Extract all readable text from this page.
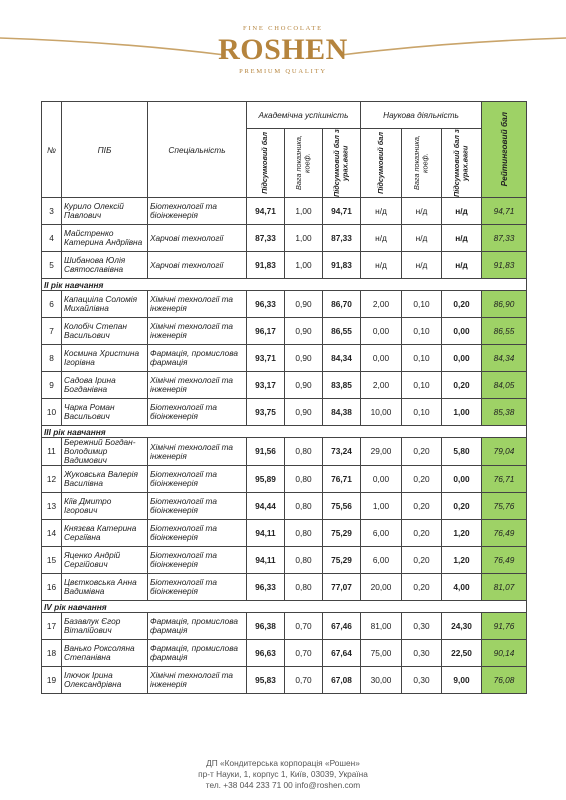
FINE CHOCOLATE
ROSHEN
PREMIUM QUALITY
№	ПІБ	Спеціальність	Академічна успішність			Наукова діяльність			Рейтинговий бал

			Підсумковий бал	Вага показника, коеф.	Підсумковий бал з урах.ваги	Підсумковий бал	Вага показника, коеф.	Підсумковий бал з урах.ваги	

3	Курило Олексій Павлович	Біотехнології та біоінженерія	94,71	1,00	94,71	н/д	н/д	н/д	94,71
4	Майстренко Катерина Андріївна	Харчові технології	87,33	1,00	87,33	н/д	н/д	н/д	87,33
5	Шибанова Юлія Святославівна	Харчові технології	91,83	1,00	91,83	н/д	н/д	н/д	91,83
II рік навчання									
6	Капациіла Соломія Михайлівна	Хімічні технології та інженерія	96,33	0,90	86,70	2,00	0,10	0,20	86,90
7	Колобіч Степан Васильович	Хімічні технології та інженерія	96,17	0,90	86,55	0,00	0,10	0,00	86,55
8	Космина Христина Ігорівна	Фармація, промислова фармація	93,71	0,90	84,34	0,00	0,10	0,00	84,34
9	Садова Ірина Богданівна	Хімічні технології та інженерія	93,17	0,90	83,85	2,00	0,10	0,20	84,05
10	Чарка Роман Васильович	Біотехнології та біоінженерія	93,75	0,90	84,38	10,00	0,10	1,00	85,38
III рік навчання									
11	Бережний Богдан-Володимир Вадимович	Хімічні технології та інженерія	91,56	0,80	73,24	29,00	0,20	5,80	79,04
12	Жуковська Валерія Василівна	Біотехнології та біоінженерія	95,89	0,80	76,71	0,00	0,20	0,00	76,71
13	Кіїв Дмитро Ігорович	Біотехнології та біоінженерія	94,44	0,80	75,56	1,00	0,20	0,20	75,76
14	Князєва Катерина Сергіївна	Біотехнології та біоінженерія	94,11	0,80	75,29	6,00	0,20	1,20	76,49
15	Яценко Андрій Сергійович	Біотехнології та біоінженерія	94,11	0,80	75,29	6,00	0,20	1,20	76,49
16	Цвєтковська Анна Вадимівна	Біотехнології та біоінженерія	96,33	0,80	77,07	20,00	0,20	4,00	81,07
IV рік навчання									
17	Базавлук Єгор Віталійович	Фармація, промислова фармація	96,38	0,70	67,46	81,00	0,30	24,30	91,76
18	Ванько Роксоляна Степанівна	Фармація, промислова фармація	96,63	0,70	67,64	75,00	0,30	22,50	90,14
19	Ілючок Ірина Олександрівна	Хімічні технології та інженерія	95,83	0,70	67,08	30,00	0,30	9,00	76,08
ДП «Кондитерська корпорація «Рошен»
пр-т Науки, 1, корпус 1, Київ, 03039, Україна
тел. +38 044 233 71 00 info@roshen.com
